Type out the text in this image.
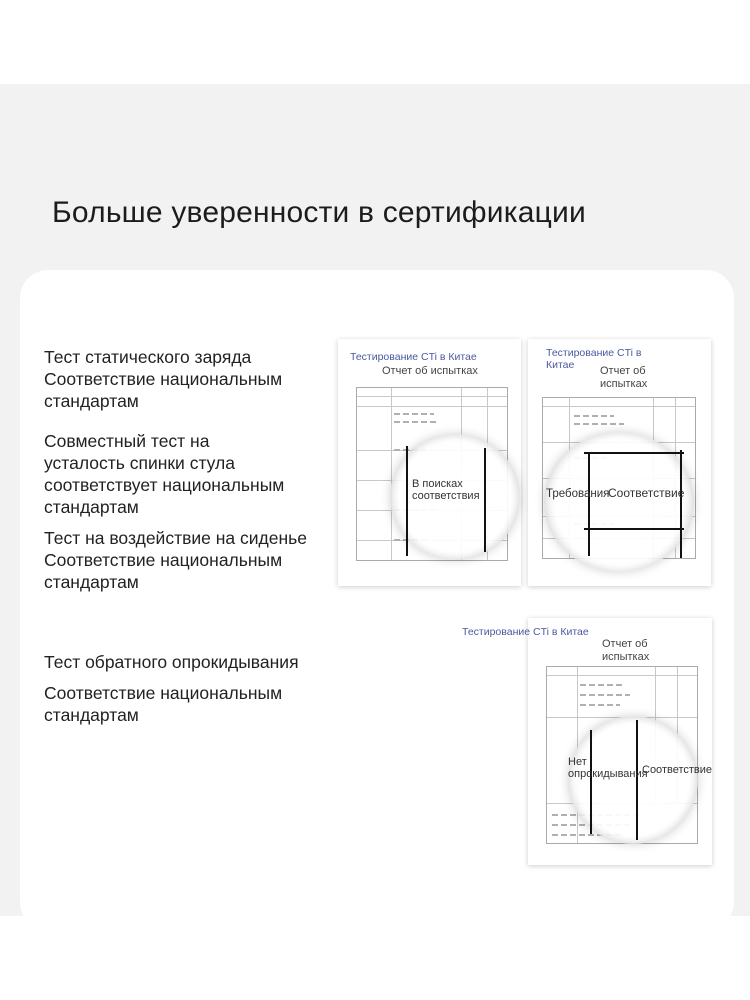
Больше уверенности в сертификации
Тест статического заряда
Соответствие национальным стандартам
Совместный тест на усталость спинки стула соответствует национальным стандартам
Тест на воздействие на сиденье
Соответствие национальным стандартам
Тест обратного опрокидывания
Соответствие национальным стандартам
Тестирование CTi в Китае
Отчет об испытках
В поисках соответствия
Тестирование CTi в Китае	Отчет об испытках
Требования
Соответствие
Отчет об испытках
Тестирование CTi в Китае
Нет опрокидывания
Соответствие
